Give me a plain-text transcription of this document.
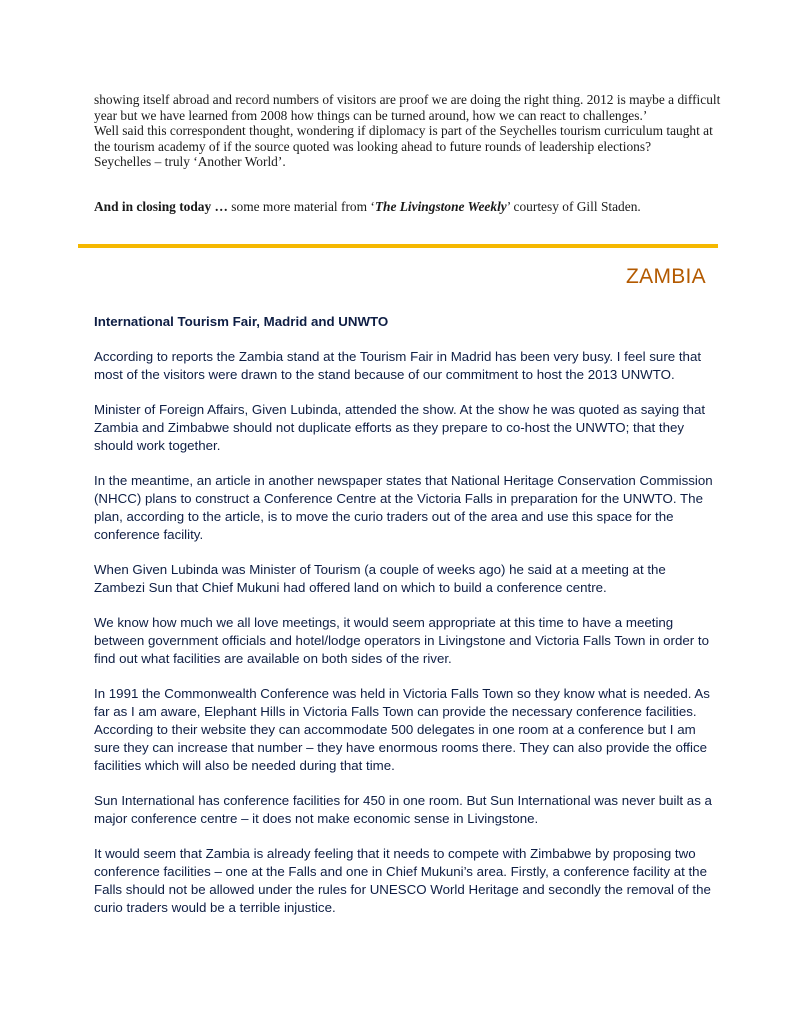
showing itself abroad and record numbers of visitors are proof we are doing the right thing. 2012 is maybe a difficult year but we have learned from 2008 how things can be turned around, how we can react to challenges.’

Well said this correspondent thought, wondering if diplomacy is part of the Seychelles tourism curriculum taught at the tourism academy of if the source quoted was looking ahead to future rounds of leadership elections?

Seychelles – truly ‘Another World’.

And in closing today … some more material from ‘The Livingstone Weekly’ courtesy of Gill Staden.
ZAMBIA
International Tourism Fair, Madrid and UNWTO

According to reports the Zambia stand at the Tourism Fair in Madrid has been very busy. I feel sure that most of the visitors were drawn to the stand because of our commitment to host the 2013 UNWTO.

Minister of Foreign Affairs, Given Lubinda, attended the show. At the show he was quoted as saying that Zambia and Zimbabwe should not duplicate efforts as they prepare to co-host the UNWTO; that they should work together.

In the meantime, an article in another newspaper states that National Heritage Conservation Commission (NHCC) plans to construct a Conference Centre at the Victoria Falls in preparation for the UNWTO. The plan, according to the article, is to move the curio traders out of the area and use this space for the conference facility.

When Given Lubinda was Minister of Tourism (a couple of weeks ago) he said at a meeting at the Zambezi Sun that Chief Mukuni had offered land on which to build a conference centre.

We know how much we all love meetings, it would seem appropriate at this time to have a meeting between government officials and hotel/lodge operators in Livingstone and Victoria Falls Town in order to find out what facilities are available on both sides of the river.

In 1991 the Commonwealth Conference was held in Victoria Falls Town so they know what is needed. As far as I am aware, Elephant Hills in Victoria Falls Town can provide the necessary conference facilities. According to their website they can accommodate 500 delegates in one room at a conference but I am sure they can increase that number – they have enormous rooms there. They can also provide the office facilities which will also be needed during that time.

Sun International has conference facilities for 450 in one room. But Sun International was never built as a major conference centre – it does not make economic sense in Livingstone.

It would seem that Zambia is already feeling that it needs to compete with Zimbabwe by proposing two conference facilities – one at the Falls and one in Chief Mukuni’s area. Firstly, a conference facility at the Falls should not be allowed under the rules for UNESCO World Heritage and secondly the removal of the curio traders would be a terrible injustice.
